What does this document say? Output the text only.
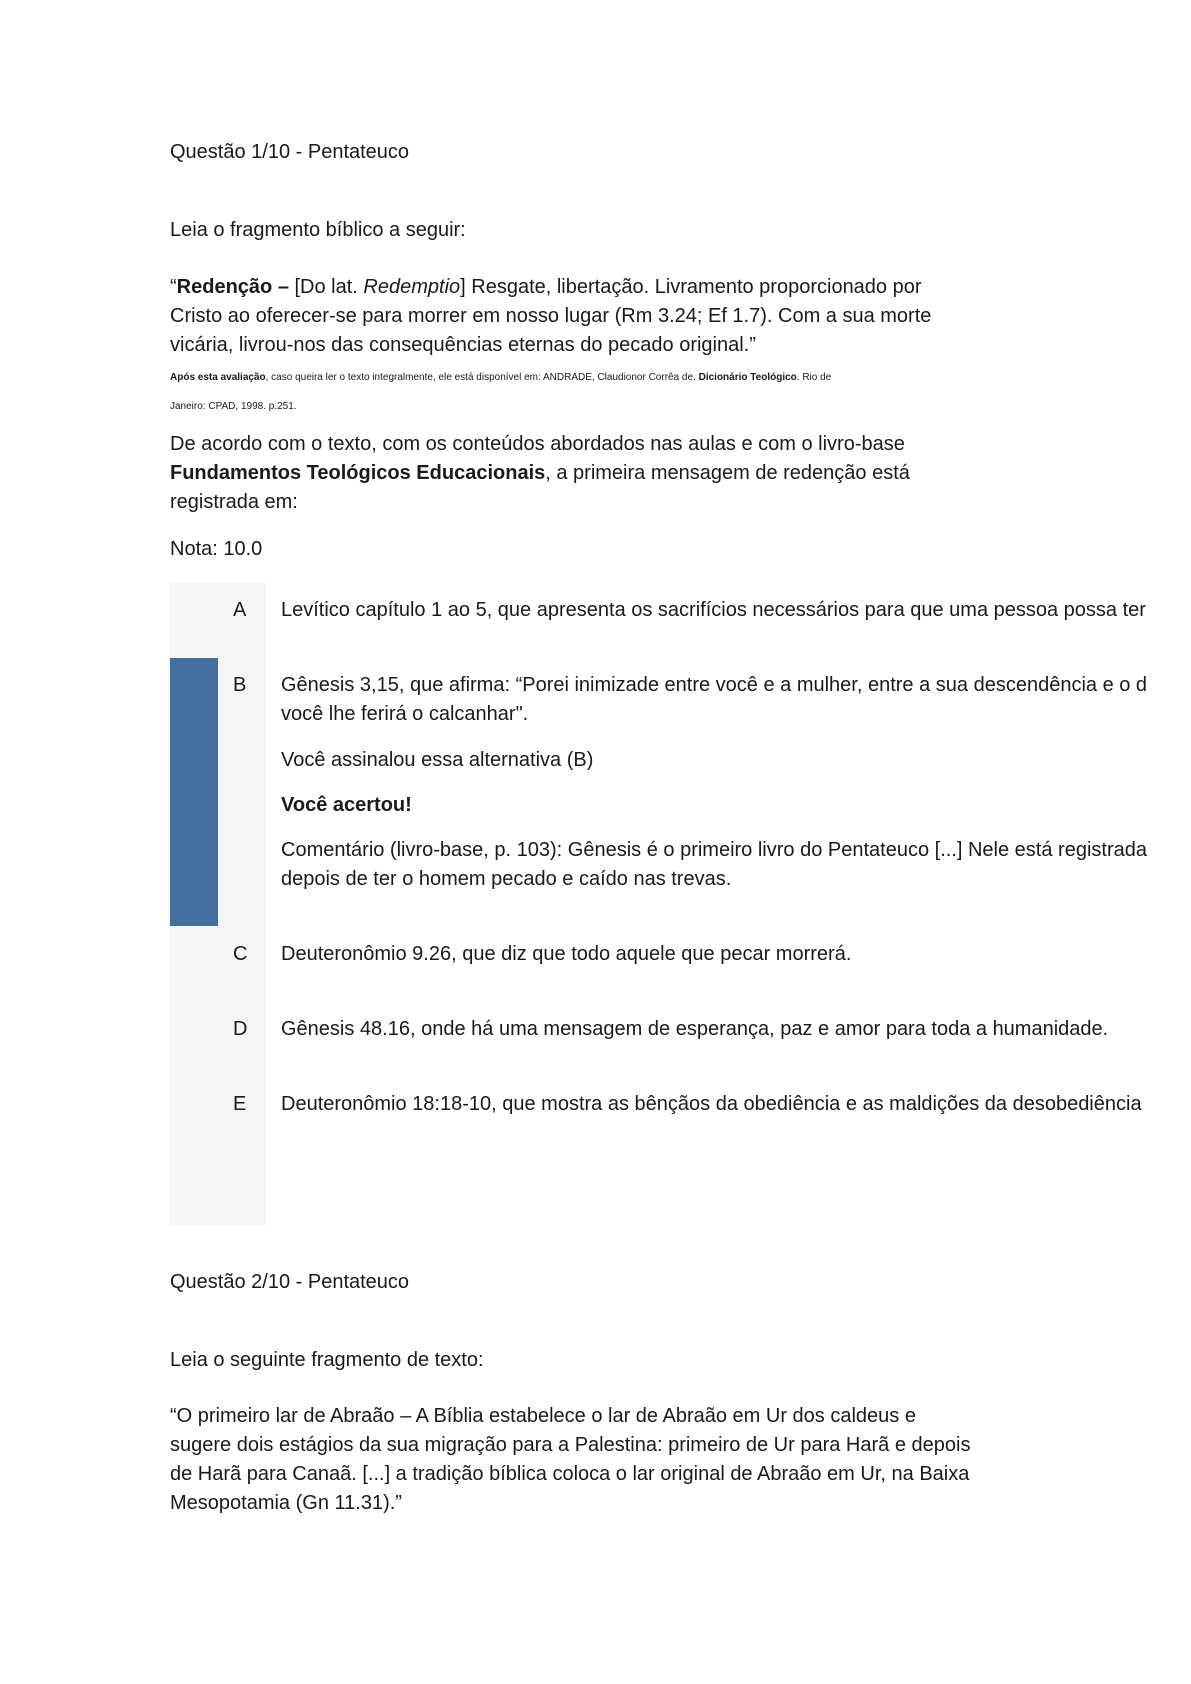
Questão 1/10 - Pentateuco
Leia o fragmento bíblico a seguir:
“Redenção – [Do lat. Redemptio] Resgate, libertação. Livramento proporcionado por
Cristo ao oferecer-se para morrer em nosso lugar (Rm 3.24; Ef 1.7). Com a sua morte
vicária, livrou-nos das consequências eternas do pecado original.”
Após esta avaliação, caso queira ler o texto integralmente, ele está disponível em: ANDRADE, Claudionor Corrêa de. Dicionário Teológico. Rio de
Janeiro: CPAD, 1998. p.251.
De acordo com o texto, com os conteúdos abordados nas aulas e com o livro-base
Fundamentos Teológicos Educacionais, a primeira mensagem de redenção está
registrada em:
Nota: 10.0
A	Levítico capítulo 1 ao 5, que apresenta os sacrifícios necessários para que uma pessoa possa ter
B	Gênesis 3,15, que afirma: “Porei inimizade entre você e a mulher, entre a sua descendência e o d
você lhe ferirá o calcanhar".
Você assinalou essa alternativa (B)
Você acertou!
Comentário (livro-base, p. 103): Gênesis é o primeiro livro do Pentateuco [...] Nele está registrada
depois de ter o homem pecado e caído nas trevas.
C Deuteronômio 9.26, que diz que todo aquele que pecar morrerá.
D Gênesis 48.16, onde há uma mensagem de esperança, paz e amor para toda a humanidade.
E	Deuteronômio 18:18-10, que mostra as bênçãos da obediência e as maldições da desobediência
Questão 2/10 - Pentateuco
Leia o seguinte fragmento de texto:
“O primeiro lar de Abraão – A Bíblia estabelece o lar de Abraão em Ur dos caldeus e
sugere dois estágios da sua migração para a Palestina: primeiro de Ur para Harã e depois
de Harã para Canaã. [...] a tradição bíblica coloca o lar original de Abraão em Ur, na Baixa
Mesopotamia (Gn 11.31).”
